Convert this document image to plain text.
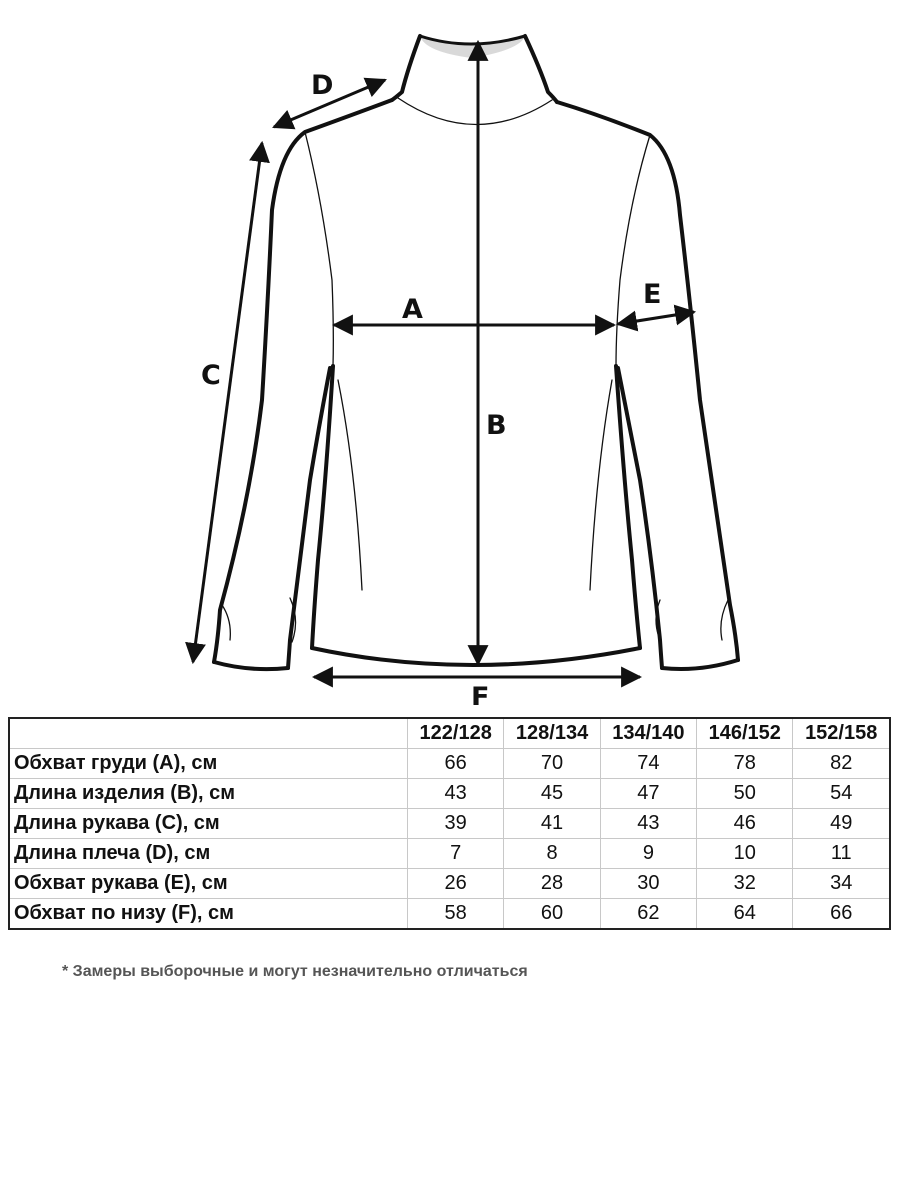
A
B
C
D
E
F
	122/128	128/134	134/140	146/152	152/158
Обхват груди (A), см	66	70	74	78	82
Длина изделия (B), см	43	45	47	50	54
Длина рукава (C), см	39	41	43	46	49
Длина плеча (D), см	7	8	9	10	11
Обхват рукава (E), см	26	28	30	32	34
Обхват по низу (F), см	58	60	62	64	66
* Замеры выборочные и могут незначительно отличаться
